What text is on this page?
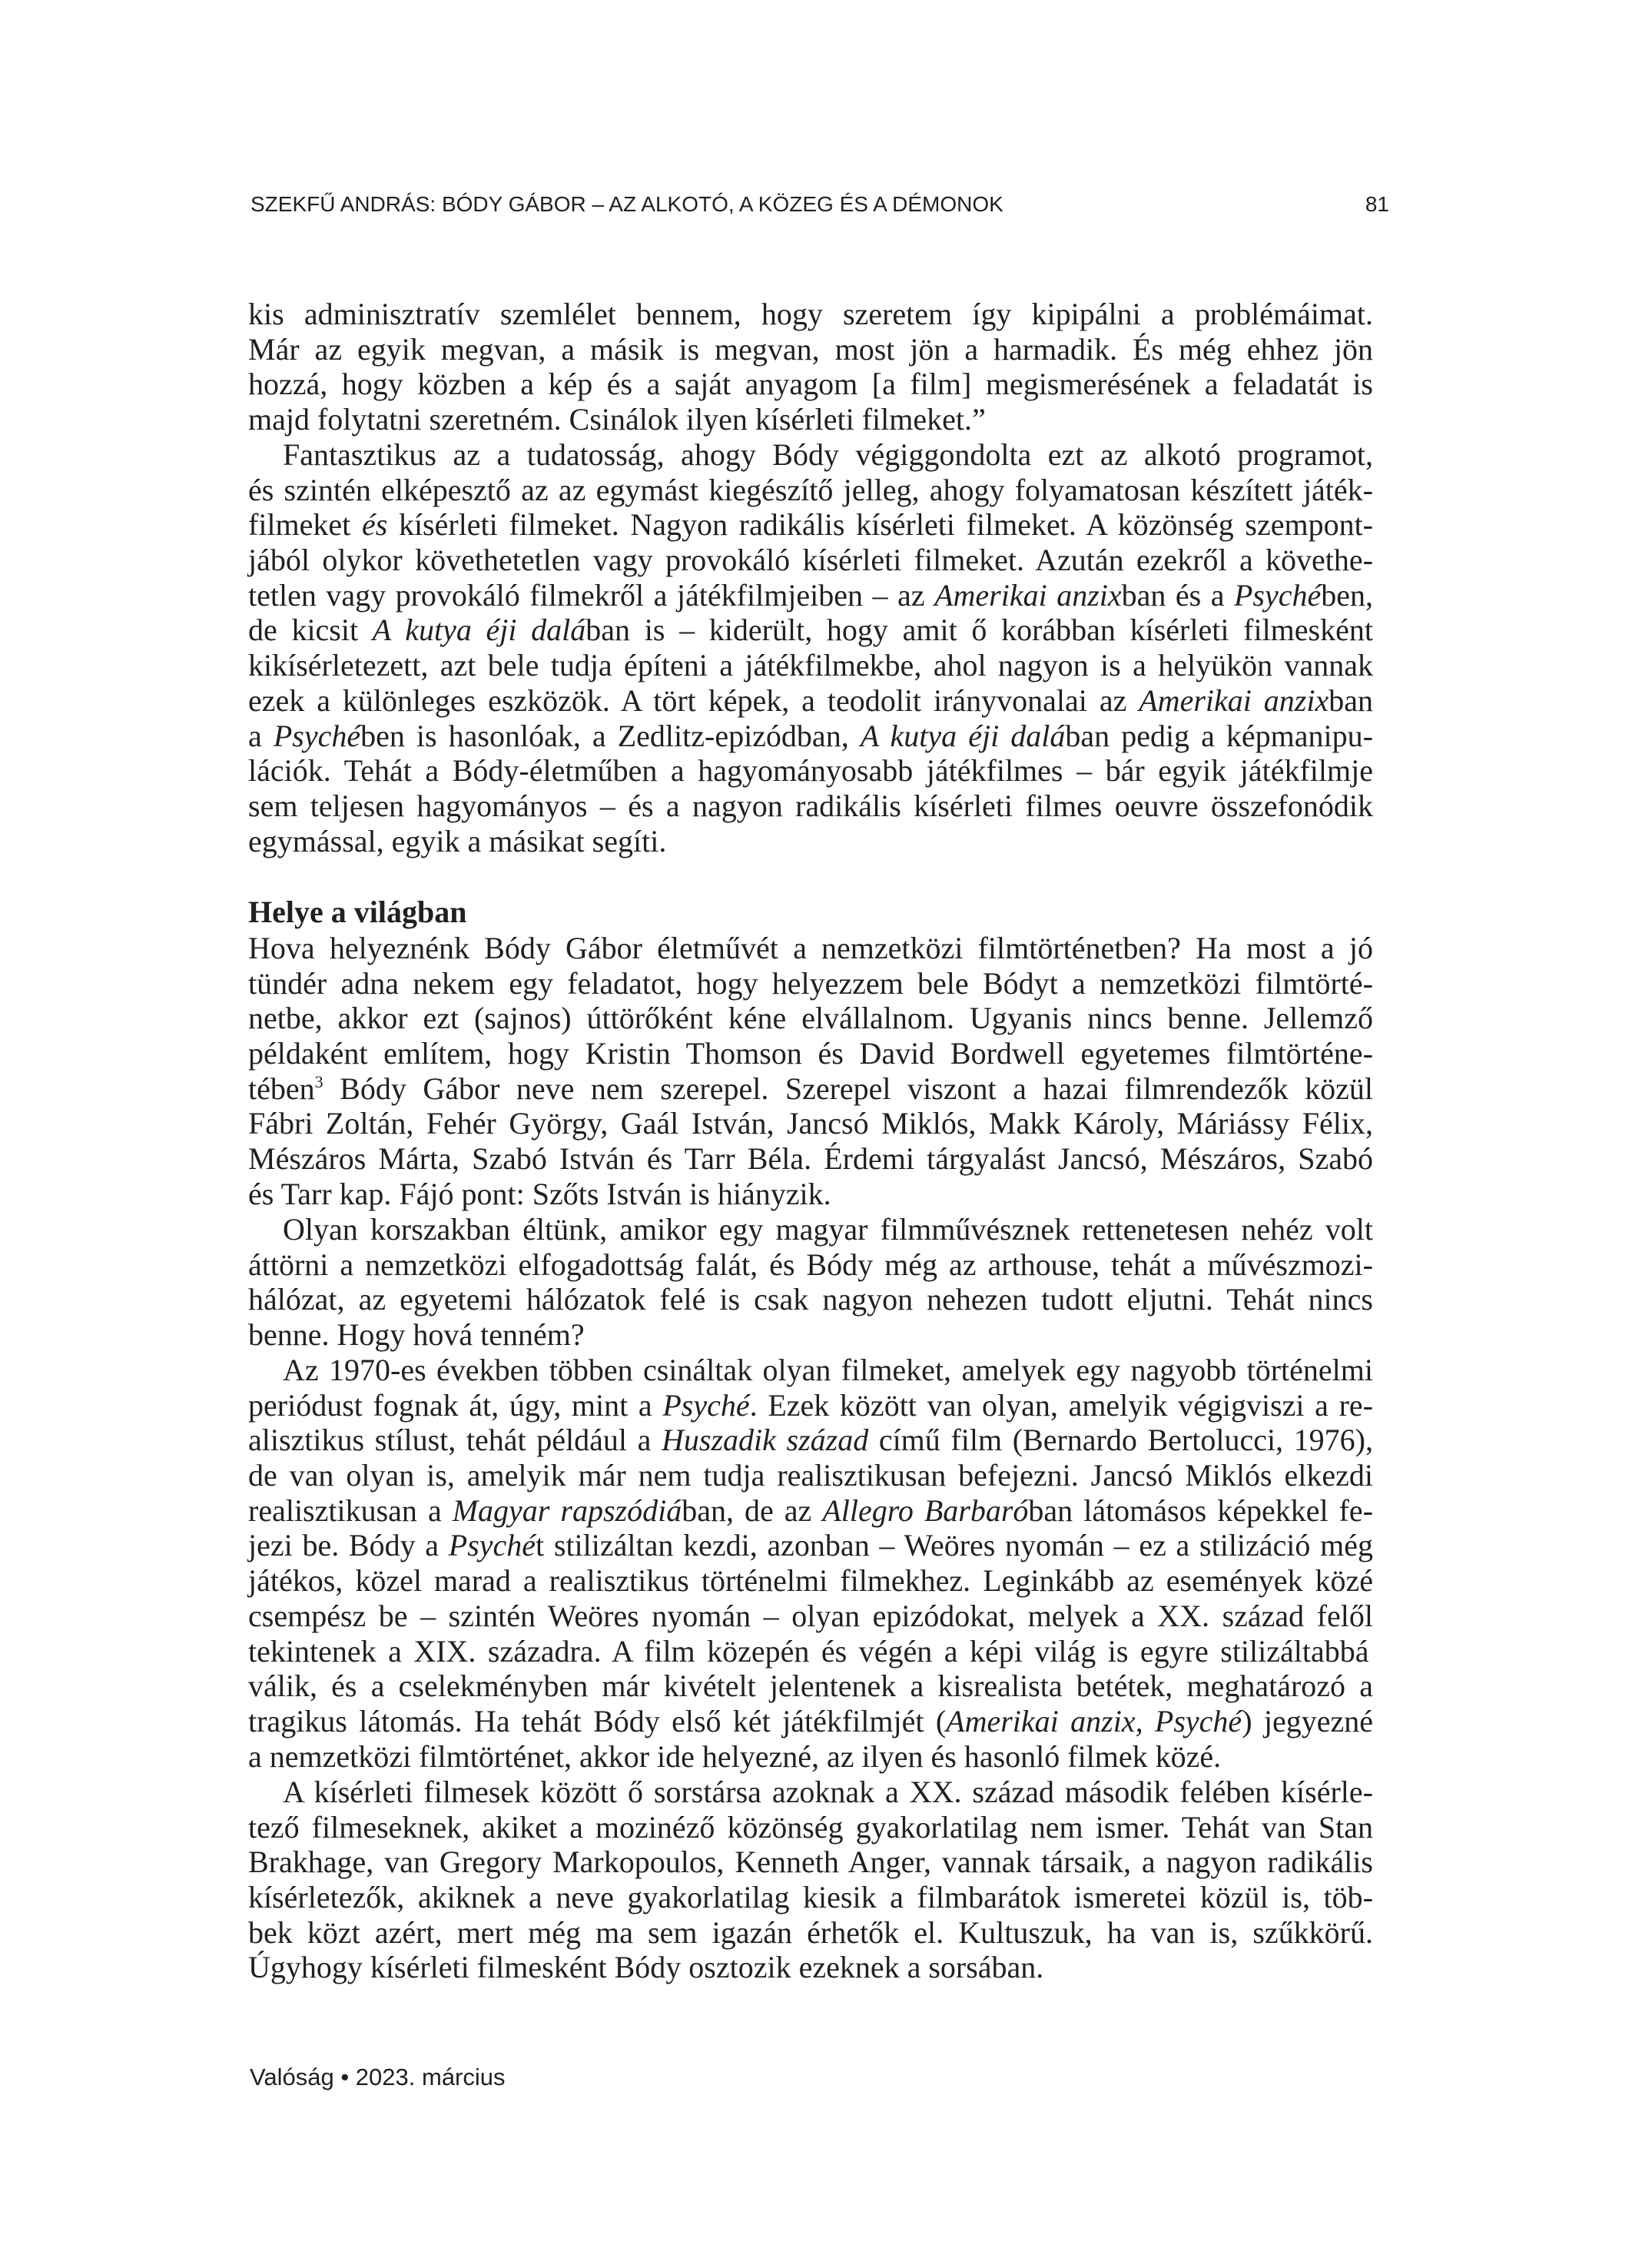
SZEKFŰ ANDRÁS: BÓDY GÁBOR – AZ ALKOTÓ, A KÖZEG ÉS A DÉMONOK	81
kis adminisztratív szemlélet bennem, hogy szeretem így kipipálni a problémáimat.
Már az egyik megvan, a másik is megvan, most jön a harmadik. És még ehhez jön
hozzá, hogy közben a kép és a saját anyagom [a film] megismerésének a feladatát is
majd folytatni szeretném. Csinálok ilyen kísérleti filmeket.”
Fantasztikus az a tudatosság, ahogy Bódy végiggondolta ezt az alkotó programot,
és szintén elképesztő az az egymást kiegészítő jelleg, ahogy folyamatosan készített játék-
filmeket és kísérleti filmeket. Nagyon radikális kísérleti filmeket. A közönség szempont-
jából olykor követhetetlen vagy provokáló kísérleti filmeket. Azután ezekről a követhe-
tetlen vagy provokáló filmekről a játékfilmjeiben – az Amerikai anzixban és a Psychében,
de kicsit A kutya éji dalában is – kiderült, hogy amit ő korábban kísérleti filmesként
kikísérletezett, azt bele tudja építeni a játékfilmekbe, ahol nagyon is a helyükön vannak
ezek a különleges eszközök. A tört képek, a teodolit irányvonalai az Amerikai anzixban
a Psychében is hasonlóak, a Zedlitz-epizódban, A kutya éji dalában pedig a képmanipu-
lációk. Tehát a Bódy-életműben a hagyományosabb játékfilmes – bár egyik játékfilmje
sem teljesen hagyományos – és a nagyon radikális kísérleti filmes oeuvre összefonódik
egymással, egyik a másikat segíti.
Helye a világban
Hova helyeznénk Bódy Gábor életművét a nemzetközi filmtörténetben? Ha most a jó
tündér adna nekem egy feladatot, hogy helyezzem bele Bódyt a nemzetközi filmtörté-
netbe, akkor ezt (sajnos) úttörőként kéne elvállalnom. Ugyanis nincs benne. Jellemző
példaként említem, hogy Kristin Thomson és David Bordwell egyetemes filmtörténe-
tében$^3$ Bódy Gábor neve nem szerepel. Szerepel viszont a hazai filmrendezők közül
Fábri Zoltán, Fehér György, Gaál István, Jancsó Miklós, Makk Károly, Máriássy Félix,
Mészáros Márta, Szabó István és Tarr Béla. Érdemi tárgyalást Jancsó, Mészáros, Szabó
és Tarr kap. Fájó pont: Szőts István is hiányzik.
Olyan korszakban éltünk, amikor egy magyar filmművésznek rettenetesen nehéz volt
áttörni a nemzetközi elfogadottság falát, és Bódy még az arthouse, tehát a művészmozi-
hálózat, az egyetemi hálózatok felé is csak nagyon nehezen tudott eljutni. Tehát nincs
benne. Hogy hová tenném?
Az 1970-es években többen csináltak olyan filmeket, amelyek egy nagyobb történelmi
periódust fognak át, úgy, mint a Psyché. Ezek között van olyan, amelyik végigviszi a re-
alisztikus stílust, tehát például a Huszadik század című film (Bernardo Bertolucci, 1976),
de van olyan is, amelyik már nem tudja realisztikusan befejezni. Jancsó Miklós elkezdi
realisztikusan a Magyar rapszódiában, de az Allegro Barbaróban látomásos képekkel fe-
jezi be. Bódy a Psychét stilizáltan kezdi, azonban – Weöres nyomán – ez a stilizáció még
játékos, közel marad a realisztikus történelmi filmekhez. Leginkább az események közé
csempész be – szintén Weöres nyomán – olyan epizódokat, melyek a XX. század felől
tekintenek a XIX. századra. A film közepén és végén a képi világ is egyre stilizáltabbá
válik, és a cselekményben már kivételt jelentenek a kisrealista betétek, meghatározó a
tragikus látomás. Ha tehát Bódy első két játékfilmjét (Amerikai anzix, Psyché) jegyezné
a nemzetközi filmtörténet, akkor ide helyezné, az ilyen és hasonló filmek közé.
A kísérleti filmesek között ő sorstársa azoknak a XX. század második felében kísérle-
tező filmeseknek, akiket a mozinéző közönség gyakorlatilag nem ismer. Tehát van Stan
Brakhage, van Gregory Markopoulos, Kenneth Anger, vannak társaik, a nagyon radikális
kísérletezők, akiknek a neve gyakorlatilag kiesik a filmbarátok ismeretei közül is, töb-
bek közt azért, mert még ma sem igazán érhetők el. Kultuszuk, ha van is, szűkkörű.
Úgyhogy kísérleti filmesként Bódy osztozik ezeknek a sorsában.
Valóság • 2023. március
